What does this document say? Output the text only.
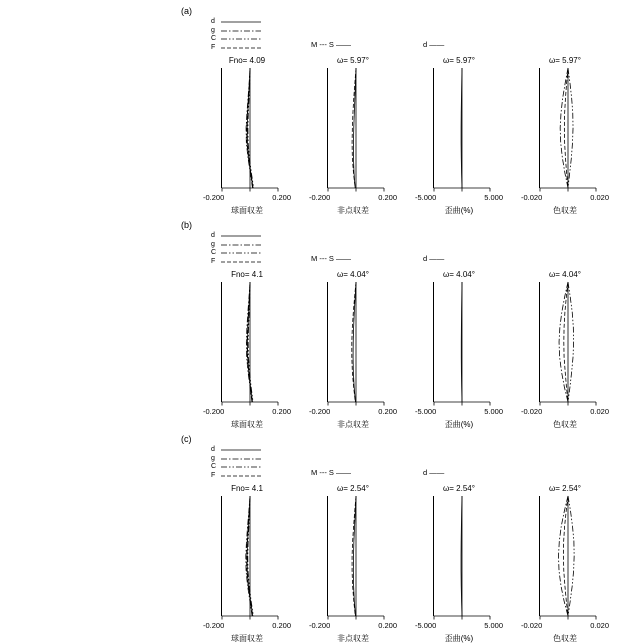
(a)
d
g
C
F
Fno= 4.09
-0.200	0.200
球面収差
M --- S ——
ω= 5.97°
-0.200	0.200
非点収差
d ——
ω= 5.97°
-5.000	5.000
歪曲(%)
ω= 5.97°
-0.020	0.020
色収差
(b)
d
g
C
F
Fno= 4.1
-0.200	0.200
球面収差
M --- S ——
ω= 4.04°
-0.200	0.200
非点収差
d ——
ω= 4.04°
-5.000	5.000
歪曲(%)
ω= 4.04°
-0.020	0.020
色収差
(c)
d
g
C
F
Fno= 4.1
-0.200	0.200
球面収差
M --- S ——
ω= 2.54°
-0.200	0.200
非点収差
d ——
ω= 2.54°
-5.000	5.000
歪曲(%)
ω= 2.54°
-0.020	0.020
色収差
